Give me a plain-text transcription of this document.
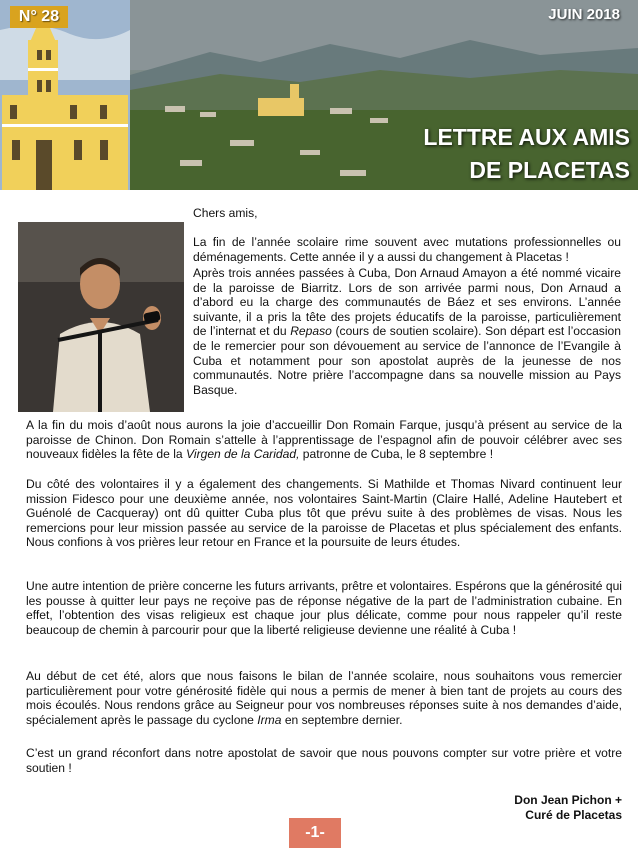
N° 28	JUIN 2018
LETTRE AUX AMIS
DE PLACETAS

Chers amis,

La fin de l’année scolaire rime souvent avec mutations professionnelles ou déménagements. Cette année il y a aussi du changement à Placetas !

Après trois années passées à Cuba, Don Arnaud Amayon a été nommé vicaire de la paroisse de Biarritz. Lors de son arrivée parmi nous, Don Arnaud a d’abord eu la charge des communautés de Báez et ses environs. L’année suivante, il a pris la tête des projets éducatifs de la paroisse, particulièrement de l’internat et du Repaso (cours de soutien scolaire). Son départ est l’occasion de le remercier pour son dévouement au service de l’annonce de l’Evangile à Cuba et notamment pour son apostolat auprès de la jeunesse de nos communautés. Notre prière l’accompagne dans sa nouvelle mission au Pays Basque.

A la fin du mois d’août nous aurons la joie d’accueillir Don Romain Farque, jusqu’à présent au service de la paroisse de Chinon. Don Romain s’attelle à l’apprentissage de l’espagnol afin de pouvoir célébrer avec ses nouveaux fidèles la fête de la Virgen de la Caridad, patronne de Cuba, le 8 septembre !

Du côté des volontaires il y a également des changements. Si Mathilde et Thomas Nivard continuent leur mission Fidesco pour une deuxième année, nos volontaires Saint-Martin (Claire Hallé, Adeline Hautebert et Guénolé de Cacqueray) ont dû quitter Cuba plus tôt que prévu suite à des problèmes de visas. Nous les remercions pour leur mission passée au service de la paroisse de Placetas et plus spécialement des enfants. Nous confions à vos prières leur retour en France et la poursuite de leurs études.

Une autre intention de prière concerne les futurs arrivants, prêtre et volontaires. Espérons que la générosité qui les pousse à quitter leur pays ne reçoive pas de réponse négative de la part de l’administration cubaine. En effet, l’obtention des visas religieux est chaque jour plus délicate, comme pour nous rappeler qu’il reste beaucoup de chemin à parcourir pour que la liberté religieuse devienne une réalité à Cuba !

Au début de cet été, alors que nous faisons le bilan de l’année scolaire, nous souhaitons vous remercier particulièrement pour votre générosité fidèle qui nous a permis de mener à bien tant de projets au cours des mois écoulés. Nous rendons grâce au Seigneur pour vos nombreuses réponses suite à nos demandes d’aide, spécialement après le passage du cyclone Irma en septembre dernier.

C’est un grand réconfort dans notre apostolat de savoir que nous pouvons compter sur votre prière et votre soutien !

Don Jean Pichon +
Curé de Placetas
-1-
